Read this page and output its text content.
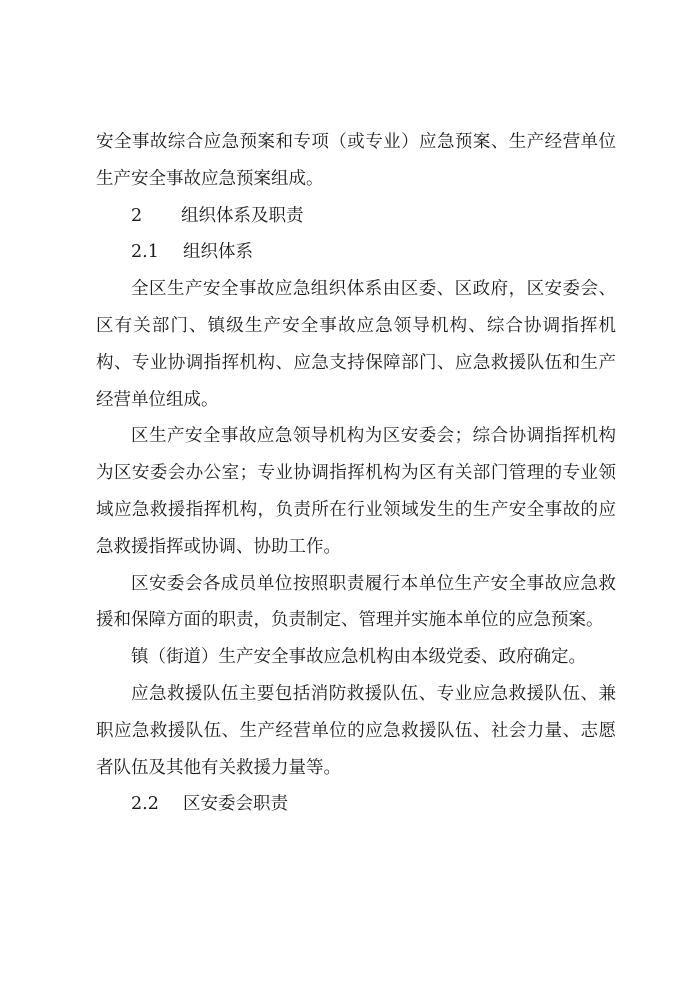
安全事故综合应急预案和专项（或专业）应急预案、生产经营单位生产安全事故应急预案组成。

2 组织体系及职责

2.1 组织体系

全区生产安全事故应急组织体系由区委、区政府，区安委会、区有关部门、镇级生产安全事故应急领导机构、综合协调指挥机构、专业协调指挥机构、应急支持保障部门、应急救援队伍和生产经营单位组成。

区生产安全事故应急领导机构为区安委会；综合协调指挥机构为区安委会办公室；专业协调指挥机构为区有关部门管理的专业领域应急救援指挥机构，负责所在行业领域发生的生产安全事故的应急救援指挥或协调、协助工作。

区安委会各成员单位按照职责履行本单位生产安全事故应急救援和保障方面的职责，负责制定、管理并实施本单位的应急预案。

镇（街道）生产安全事故应急机构由本级党委、政府确定。

应急救援队伍主要包括消防救援队伍、专业应急救援队伍、兼职应急救援队伍、生产经营单位的应急救援队伍、社会力量、志愿者队伍及其他有关救援力量等。

2.2 区安委会职责
